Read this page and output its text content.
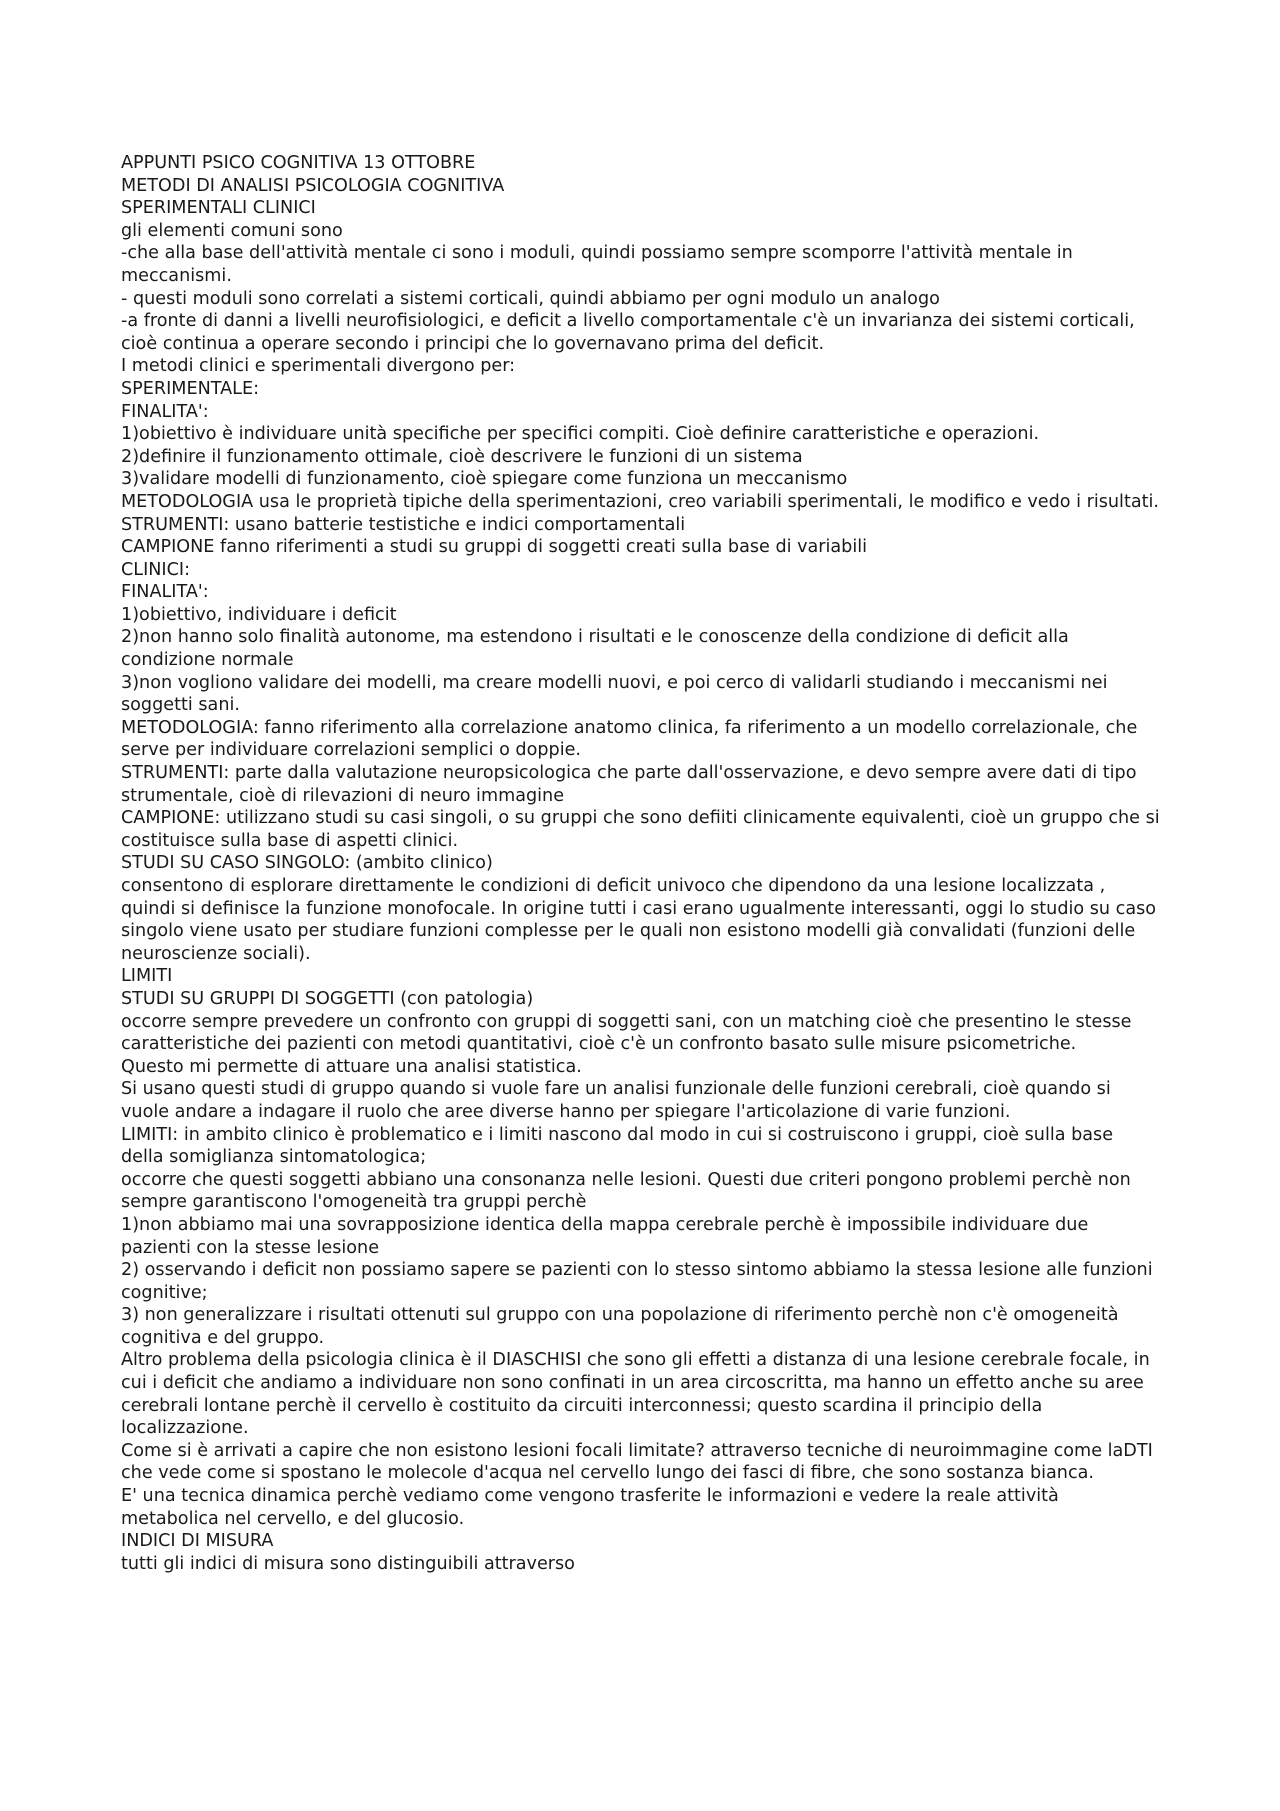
APPUNTI PSICO COGNITIVA 13 OTTOBRE

METODI DI ANALISI PSICOLOGIA COGNITIVA

SPERIMENTALI CLINICI

gli elementi comuni sono

-che alla base dell'attività mentale ci sono i moduli, quindi possiamo sempre scomporre l'attività mentale in meccanismi.

- questi moduli sono correlati a sistemi corticali, quindi abbiamo per ogni modulo un analogo

-a fronte di danni a livelli neurofisiologici, e deficit a livello comportamentale c'è un invarianza dei sistemi corticali, cioè continua a operare secondo i principi che lo governavano prima del deficit.

I metodi clinici e sperimentali divergono per:

SPERIMENTALE:

FINALITA':

1)obiettivo è individuare unità specifiche per specifici compiti. Cioè definire caratteristiche e operazioni.

2)definire il funzionamento ottimale, cioè descrivere le funzioni di un sistema

3)validare modelli di funzionamento, cioè spiegare come funziona un meccanismo

METODOLOGIA usa le proprietà tipiche della sperimentazioni, creo variabili sperimentali, le modifico e vedo i risultati.

STRUMENTI: usano batterie testistiche e indici comportamentali

CAMPIONE fanno riferimenti a studi su gruppi di soggetti creati sulla base di variabili

CLINICI:

FINALITA':

1)obiettivo, individuare i deficit

2)non hanno solo finalità autonome, ma estendono i risultati e le conoscenze della condizione di deficit alla condizione normale

3)non vogliono validare dei modelli, ma creare modelli nuovi, e poi cerco di validarli studiando i meccanismi nei soggetti sani.

METODOLOGIA: fanno riferimento alla correlazione anatomo clinica, fa riferimento a un modello correlazionale, che serve per individuare correlazioni semplici o doppie.

STRUMENTI: parte dalla valutazione neuropsicologica che parte dall'osservazione, e devo sempre avere dati di tipo strumentale, cioè di rilevazioni di neuro immagine

CAMPIONE: utilizzano studi su casi singoli, o su gruppi che sono defiiti clinicamente equivalenti, cioè un gruppo che si costituisce sulla base di aspetti clinici.

STUDI SU CASO SINGOLO: (ambito clinico)

consentono di esplorare direttamente le condizioni di deficit univoco che dipendono da una lesione localizzata , quindi si definisce la funzione monofocale. In origine tutti i casi erano ugualmente interessanti, oggi lo studio su caso singolo viene usato per studiare funzioni complesse per le quali non esistono modelli già convalidati (funzioni delle neuroscienze sociali).

LIMITI

STUDI SU GRUPPI DI SOGGETTI (con patologia)

occorre sempre prevedere un confronto con gruppi di soggetti sani, con un matching cioè che presentino le stesse caratteristiche dei pazienti con metodi quantitativi, cioè c'è un confronto basato sulle misure psicometriche.

Questo mi permette di attuare una analisi statistica.

Si usano questi studi di gruppo quando si vuole fare un analisi funzionale delle funzioni cerebrali, cioè quando si vuole andare a indagare il ruolo che aree diverse hanno per spiegare l'articolazione di varie funzioni.

LIMITI: in ambito clinico è problematico e i limiti nascono dal modo in cui si costruiscono i gruppi, cioè sulla base della somiglianza sintomatologica;

occorre che questi soggetti abbiano una consonanza nelle lesioni. Questi due criteri pongono problemi perchè non sempre garantiscono l'omogeneità tra gruppi perchè

1)non abbiamo mai una sovrapposizione identica della mappa cerebrale perchè è impossibile individuare due pazienti con la stesse lesione

2) osservando i deficit non possiamo sapere se pazienti con lo stesso sintomo abbiamo la stessa lesione alle funzioni cognitive;

3) non generalizzare i risultati ottenuti sul gruppo con una popolazione di riferimento perchè non c'è omogeneità cognitiva e del gruppo.

Altro problema della psicologia clinica è il DIASCHISI che sono gli effetti a distanza di una lesione cerebrale focale, in cui i deficit che andiamo a individuare non sono confinati in un area circoscritta, ma hanno un effetto anche su aree cerebrali lontane perchè il cervello è costituito da circuiti interconnessi; questo scardina il principio della localizzazione.

Come si è arrivati a capire che non esistono lesioni focali limitate? attraverso tecniche di neuroimmagine come laDTI che vede come si spostano le molecole d'acqua nel cervello lungo dei fasci di fibre, che sono sostanza bianca.

E' una tecnica dinamica perchè vediamo come vengono trasferite le informazioni e vedere la reale attività metabolica nel cervello, e del glucosio.

INDICI DI MISURA

tutti gli indici di misura sono distinguibili attraverso
